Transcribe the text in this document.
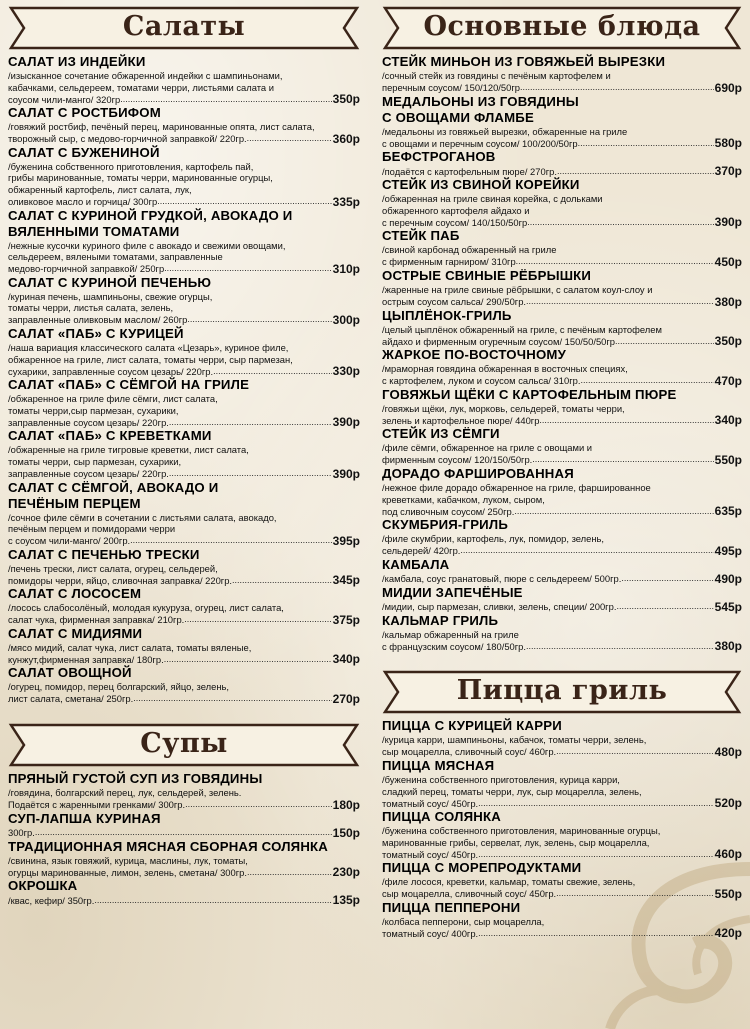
Салаты
САЛАТ ИЗ ИНДЕЙКИ
/изысканное сочетание обжаренной индейки с шампиньонами,
кабачками, сельдереем, томатами черри, листьями салата и
соусом чили-манго/ 320гр .....	350р
САЛАТ С РОСТБИФОМ
/говяжий ростбиф, печёный перец, маринованные опята, лист салата,
творожный сыр, с медово-горчичной заправкой/ 220гр. .....	360р
САЛАТ С БУЖЕНИНОЙ
/буженина собственного приготовления, картофель пай,
грибы маринованные, томаты черри, маринованные огурцы,
обжаренный картофель, лист салата, лук,
оливковое масло и горчица/ 300гр .....	335р
САЛАТ С КУРИНОЙ ГРУДКОЙ, АВОКАДО И
ВЯЛЕННЫМИ ТОМАТАМИ
/нежные кусочки куриного филе с авокадо и свежими овощами,
сельдереем, вялеными томатами, заправленные
медово-горчичной заправкой/ 250гр .....	310р
САЛАТ С КУРИНОЙ ПЕЧЕНЬЮ
/куриная печень, шампиньоны, свежие огурцы,
томаты черри, листья салата, зелень,
заправленные оливковым маслом/ 260гр .....	300р
САЛАТ «ПАБ» С КУРИЦЕЙ
/наша вариация классического салата «Цезарь», куриное филе,
обжаренное на гриле, лист салата, томаты черри, сыр пармезан,
сухарики, заправленные соусом цезарь/ 220гр. .....	330р
САЛАТ «ПАБ» С СЁМГОЙ НА ГРИЛЕ
/обжаренное на гриле филе сёмги, лист салата,
томаты черри,сыр пармезан, сухарики,
заправленные соусом цезарь/ 220гр. .....	390р
САЛАТ «ПАБ» С КРЕВЕТКАМИ
/обжаренные на гриле тигровые креветки, лист салата,
томаты черри, сыр пармезан, сухарики,
заправленные соусом цезарь/ 220гр. .....	390р
САЛАТ С СЁМГОЙ, АВОКАДО И
ПЕЧЁНЫМ ПЕРЦЕМ
/сочное филе сёмги в сочетании с листьями салата, авокадо,
печёным перцем и помидорами черри
с соусом чили-манго/ 200гр. .....	395р
САЛАТ С ПЕЧЕНЬЮ ТРЕСКИ
/печень трески, лист салата, огурец, сельдерей,
помидоры черри, яйцо, сливочная заправка/ 220гр. .....	345р
САЛАТ С ЛОСОСЕМ
/лосось слабосолёный, молодая кукуруза, огурец, лист салата,
салат чука, фирменная заправка/ 210гр. .....	375р
САЛАТ С МИДИЯМИ
/мясо мидий, салат чука, лист салата, томаты вяленые,
кунжут,фирменная заправка/ 180гр. .....	340р
САЛАТ ОВОЩНОЙ
/огурец, помидор, перец болгарский, яйцо, зелень,
лист салата, сметана/ 250гр. .....	270р
Супы
ПРЯНЫЙ ГУСТОЙ СУП ИЗ ГОВЯДИНЫ
/говядина, болгарский перец, лук, сельдерей, зелень.
Подаётся с жаренными гренками/ 300гр. .....	180р
СУП-ЛАПША КУРИНАЯ
300гр. .....	150р
ТРАДИЦИОННАЯ МЯСНАЯ СБОРНАЯ СОЛЯНКА
/свинина, язык говяжий, курица, маслины, лук, томаты,
огурцы маринованные, лимон, зелень, сметана/ 300гр. .....	230р
ОКРОШКА
/квас, кефир/ 350гр. .....	135р
Основные блюда
СТЕЙК МИНЬОН ИЗ ГОВЯЖЬЕЙ ВЫРЕЗКИ
/сочный стейк из говядины с печёным картофелем и
перечным соусом/ 150/120/50гр .....	690р
МЕДАЛЬОНЫ ИЗ ГОВЯДИНЫ
С ОВОЩАМИ ФЛАМБЕ
/медальоны из говяжьей вырезки, обжаренные на гриле
с овощами и перечным соусом/ 100/200/50гр .....	580р
БЕФСТРОГАНОВ
/подаётся с картофельным пюре/ 270гр. .....	370р
СТЕЙК ИЗ СВИНОЙ КОРЕЙКИ
/обжаренная на гриле свиная корейка, с дольками
обжаренного картофеля айдахо и
с перечным соусом/ 140/150/50гр .....	390р
СТЕЙК ПАБ
/свиной карбонад обжаренный на гриле
с фирменным гарниром/ 310гр .....	450р
ОСТРЫЕ СВИНЫЕ РЁБРЫШКИ
/жаренные на гриле свиные рёбрышки, с салатом коул-слоу и
острым соусом сальса/ 290/50гр. .....	380р
ЦЫПЛЁНОК-ГРИЛЬ
/целый цыплёнок обжаренный на гриле, с печёным картофелем
айдахо и фирменным огуречным соусом/ 150/50/50гр .....	350р
ЖАРКОЕ ПО-ВОСТОЧНОМУ
/мраморная говядина обжаренная в восточных специях,
с картофелем, луком и соусом сальса/ 310гр. .....	470р
ГОВЯЖЬИ ЩЁКИ С КАРТОФЕЛЬНЫМ ПЮРЕ
/говяжьи щёки, лук, морковь, сельдерей, томаты черри,
зелень и картофельное пюре/ 440гр .....	340р
СТЕЙК ИЗ СЁМГИ
/филе сёмги, обжаренное на гриле с овощами и
фирменным соусом/ 120/150/50гр. .....	550р
ДОРАДО ФАРШИРОВАННАЯ
/нежное филе дорадо обжаренное на гриле, фаршированное
креветками, кабачком, луком, сыром,
под сливочным соусом/ 250гр. .....	635р
СКУМБРИЯ-ГРИЛЬ
/филе скумбрии, картофель, лук, помидор, зелень,
сельдерей/ 420гр. .....	495р
КАМБАЛА
/камбала, соус гранатовый, пюре с сельдереем/ 500гр. .....	490р
МИДИИ ЗАПЕЧЁНЫЕ
/мидии, сыр пармезан, сливки, зелень, специи/ 200гр. .....	545р
КАЛЬМАР ГРИЛЬ
/кальмар обжаренный на гриле
с французским соусом/ 180/50гр. .....	380р
Пицца гриль
ПИЦЦА С КУРИЦЕЙ КАРРИ
/курица карри, шампиньоны, кабачок, томаты черри, зелень,
сыр моцарелла, сливочный соус/ 460гр. .....	480р
ПИЦЦА МЯСНАЯ
/буженина собственного приготовления, курица карри,
сладкий перец, томаты черри, лук, сыр моцарелла, зелень,
томатный соус/ 450гр. .....	520р
ПИЦЦА СОЛЯНКА
/буженина собственного приготовления, маринованные огурцы,
маринованные грибы, сервелат, лук, зелень, сыр моцарелла,
томатный соус/ 450гр. .....	460р
ПИЦЦА С МОРЕПРОДУКТАМИ
/филе лосося, креветки, кальмар, томаты свежие, зелень,
сыр моцарелла, сливочный соус/ 450гр. .....	550р
ПИЦЦА ПЕППЕРОНИ
/колбаса пепперони, сыр моцарелла,
томатный соус/ 400гр. .....	420р
